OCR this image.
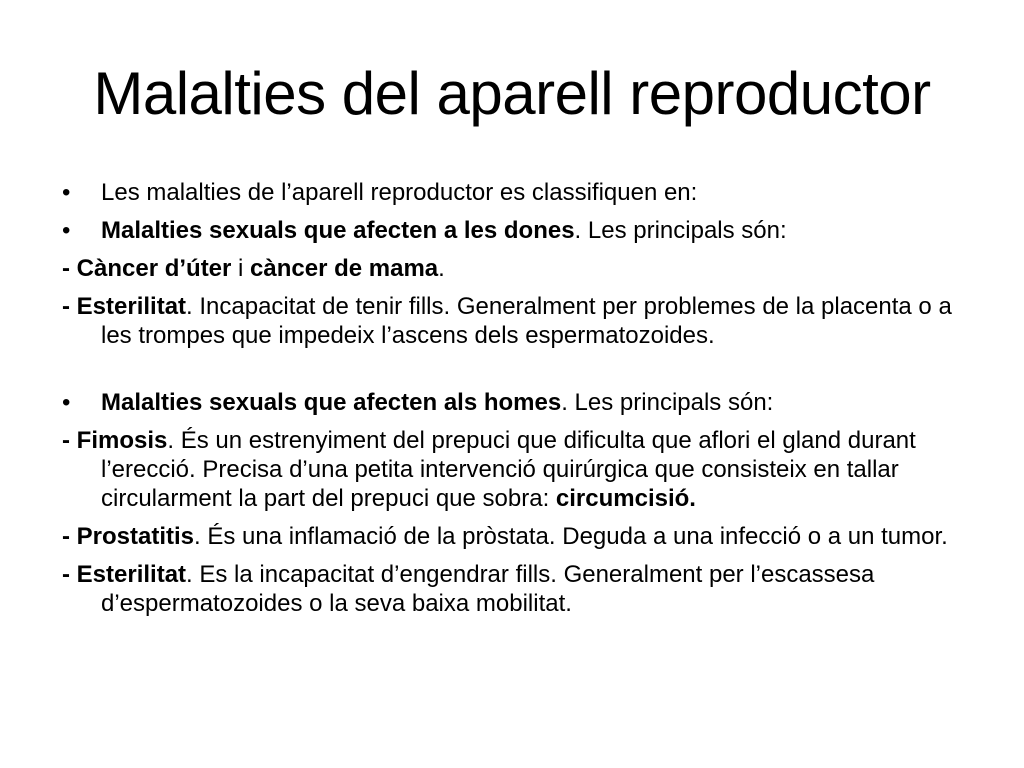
Malalties del aparell reproductor
•	Les malalties de l’aparell reproductor es classifiquen en:
•	Malalties sexuals que afecten a les dones. Les principals són:
- Càncer d’úter i càncer de mama.
- Esterilitat. Incapacitat de tenir fills. Generalment per problemes de la placenta o a les trompes que impedeix l’ascens dels espermatozoides.
•	Malalties sexuals que afecten als homes. Les principals són:
- Fimosis. És un estrenyiment del prepuci que dificulta que aflori el gland durant l’erecció. Precisa d’una petita intervenció quirúrgica que consisteix en tallar circularment la part del prepuci que sobra: circumcisió.
- Prostatitis. És una inflamació de la pròstata. Deguda a una infecció o a un tumor.
- Esterilitat. Es la incapacitat d’engendrar fills. Generalment per l’escassesa d’espermatozoides o la seva baixa mobilitat.
